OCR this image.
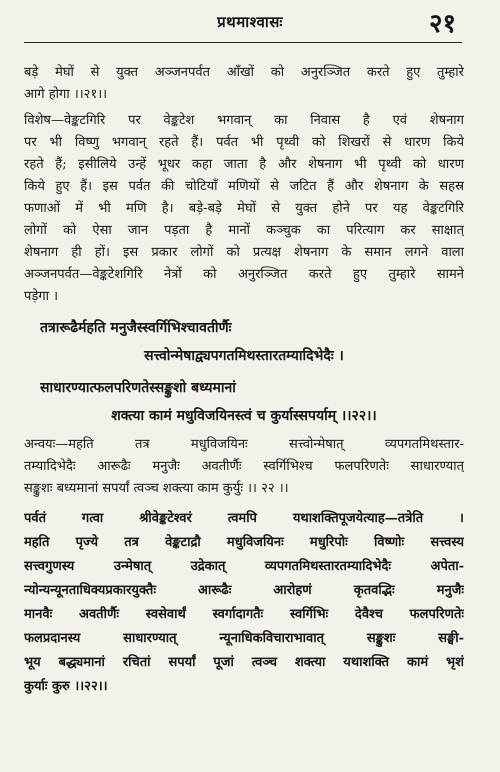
प्रथमाश्वासः	२१
बड़े मेघों से युक्त अञ्जनपर्वत आँखों को अनुरञ्जित करते हुए तुम्हारे
आगे होगा ।।२१।।
विशेष—वेङ्कटगिरि पर वेङ्कटेश भगवान् का निवास है एवं शेषनाग
पर भी विष्णु भगवान् रहते हैं। पर्वत भी पृथ्वी को शिखरों से धारण किये
रहते हैं; इसीलिये उन्हें भूधर कहा जाता है और शेषनाग भी पृथ्वी को धारण
किये हुए हैं। इस पर्वत की चोटियाँ मणियों से जटित हैं और शेषनाग के सहस्र
फणाओं में भी मणि है। बड़े-बड़े मेघों से युक्त होने पर यह वेङ्कटगिरि
लोगों को ऐसा जान पड़ता है मानों कञ्चुक का परित्याग कर साक्षात्
शेषनाग ही हों। इस प्रकार लोगों को प्रत्यक्ष शेषनाग के समान लगने वाला
अञ्जनपर्वत—वेङ्कटेशगिरि नेत्रों को अनुरञ्जित करते हुए तुम्हारे सामने
पड़ेगा ।
तत्रारूढैर्महति मनुजैस्स्वर्गिभिश्चावतीर्णैः
सत्त्वोन्मेषाद्व्यपगतमिथस्तारतम्यादिभेदैः ।
साधारण्यात्फलपरिणतेस्सङ्कुशो बध्यमानां
शक्त्या कामं मधुविजयिनस्त्वं च कुर्यास्सपर्याम् ।।२२।।
अन्वयः—महति तत्र मधुविजयिनः सत्त्वोन्मेषात् व्यपगतमिथस्तार-
तम्यादिभेदैः आरूढैः मनुजैः अवतीर्णैः स्वर्गिभिश्च फलपरिणतेः साधारण्यात्
सङ्कुशः बध्यमानां सपर्यां त्वञ्च शक्त्या काम कुर्युः ।। २२ ।।
पर्वतं गत्वा श्रीवेङ्कटेश्वरं त्वमपि यथाशक्तिपूजयेत्याह—तत्रेति ।
महति पृज्ये तत्र वेङ्कटाद्रौ मधुविजयिनः मधुरिपोः विष्णोः सत्त्वस्य
सत्त्वगुणस्य उन्मेषात् उद्रेकात् व्यपगतमिथस्तारतम्यादिभेदैः अपेता-
न्योन्यन्यूनताधिक्यप्रकारयुक्तैः आरूढैः आरोहणं कृतवद्भिः मनुजैः
मानवैः अवतीर्णैः स्वसेवार्थं स्वर्गादागतैः स्वर्गिभिः देवैश्च फलपरिणतेः
फलप्रदानस्य साधारण्यात् न्यूनाधिकविचाराभावात् सङ्कुशः सङ्घी-
भूय बद्ध्यमानां रचितां सपर्यां पूजां त्वञ्च शक्त्या यथाशक्ति कामं भृशं
कुर्याः कुरु ।।२२।।
